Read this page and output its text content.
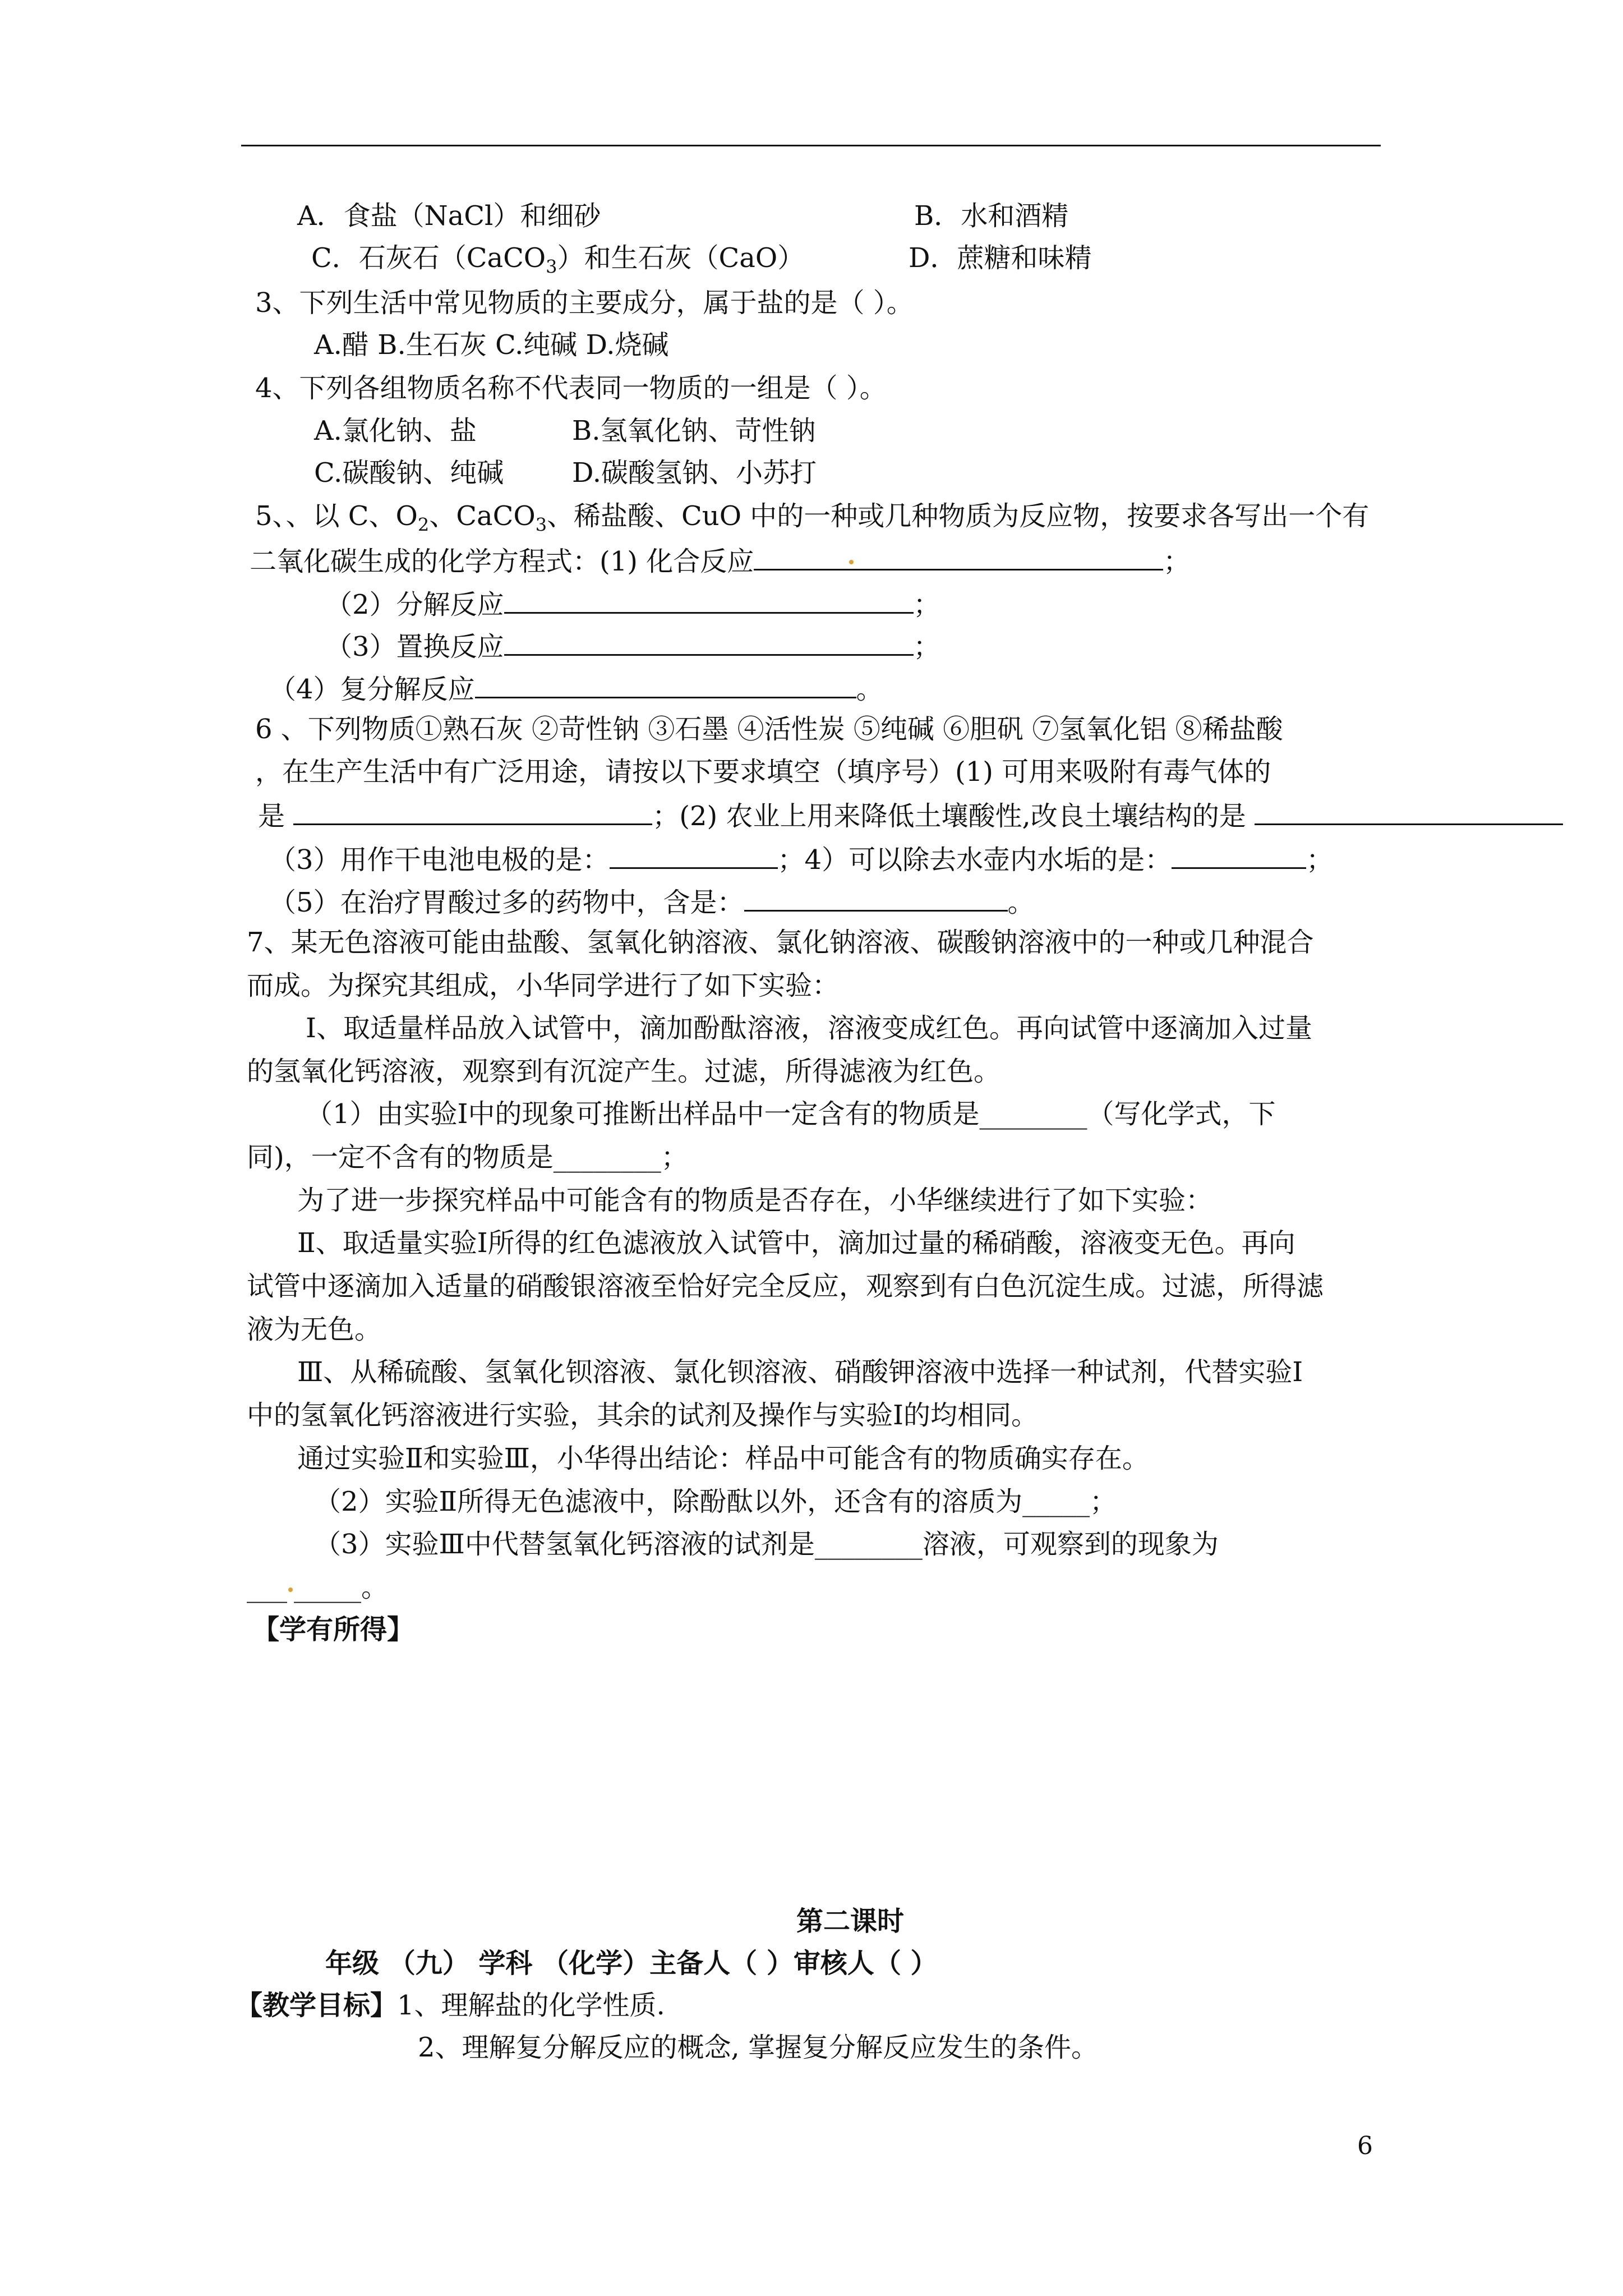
A．食盐（NaCl）和细砂	B．水和酒精
C．石灰石（CaCO$_3$）和生石灰（CaO）	D．蔗糖和味精
3、下列生活中常见物质的主要成分，属于盐的是（ ）。
A.醋 B.生石灰 C.纯碱 D.烧碱
4、下列各组物质名称不代表同一物质的一组是（ ）。
A.氯化钠、盐	B.氢氧化钠、苛性钠
C.碳酸钠、纯碱	D.碳酸氢钠、小苏打
5、、以 C、$O_2$、CaCO$_3$、稀盐酸、CuO 中的一种或几种物质为反应物，按要求各写出一个有
二氧化碳生成的化学方程式：(1) 化合反应	；
（2）分解反应	；
（3）置换反应	；
（4）复分解反应	。
6 、下列物质①熟石灰 ②苛性钠 ③石墨 ④活性炭 ⑤纯碱 ⑥胆矾 ⑦氢氧化铝 ⑧稀盐酸
，在生产生活中有广泛用途，请按以下要求填空（填序号）(1) 可用来吸附有毒气体的
是	；(2) 农业上用来降低土壤酸性,改良土壤结构的是
（3）用作干电池电极的是：	；4）可以除去水壶内水垢的是：	；
（5）在治疗胃酸过多的药物中，含是：	。
7、某无色溶液可能由盐酸、氢氧化钠溶液、氯化钠溶液、碳酸钠溶液中的一种或几种混合
而成。为探究其组成，小华同学进行了如下实验：
Ⅰ、取适量样品放入试管中，滴加酚酞溶液，溶液变成红色。再向试管中逐滴加入过量
的氢氧化钙溶液，观察到有沉淀产生。过滤，所得滤液为红色。
（1）由实验Ⅰ中的现象可推断出样品中一定含有的物质是________（写化学式，下
同)，一定不含有的物质是________；
为了进一步探究样品中可能含有的物质是否存在，小华继续进行了如下实验：
Ⅱ、取适量实验Ⅰ所得的红色滤液放入试管中，滴加过量的稀硝酸，溶液变无色。再向
试管中逐滴加入适量的硝酸银溶液至恰好完全反应，观察到有白色沉淀生成。过滤，所得滤
液为无色。
Ⅲ、从稀硫酸、氢氧化钡溶液、氯化钡溶液、硝酸钾溶液中选择一种试剂，代替实验Ⅰ
中的氢氧化钙溶液进行实验，其余的试剂及操作与实验Ⅰ的均相同。
通过实验Ⅱ和实验Ⅲ，小华得出结论：样品中可能含有的物质确实存在。
（2）实验Ⅱ所得无色滤液中，除酚酞以外，还含有的溶质为_____；
（3）实验Ⅲ中代替氢氧化钙溶液的试剂是________溶液，可观察到的现象为
___ _____。
【学有所得】
第二课时
年级 （九） 学科 （化学）主备人（ ）审核人（ ）
【教学目标】1、理解盐的化学性质.
2、理解复分解反应的概念, 掌握复分解反应发生的条件。
6
